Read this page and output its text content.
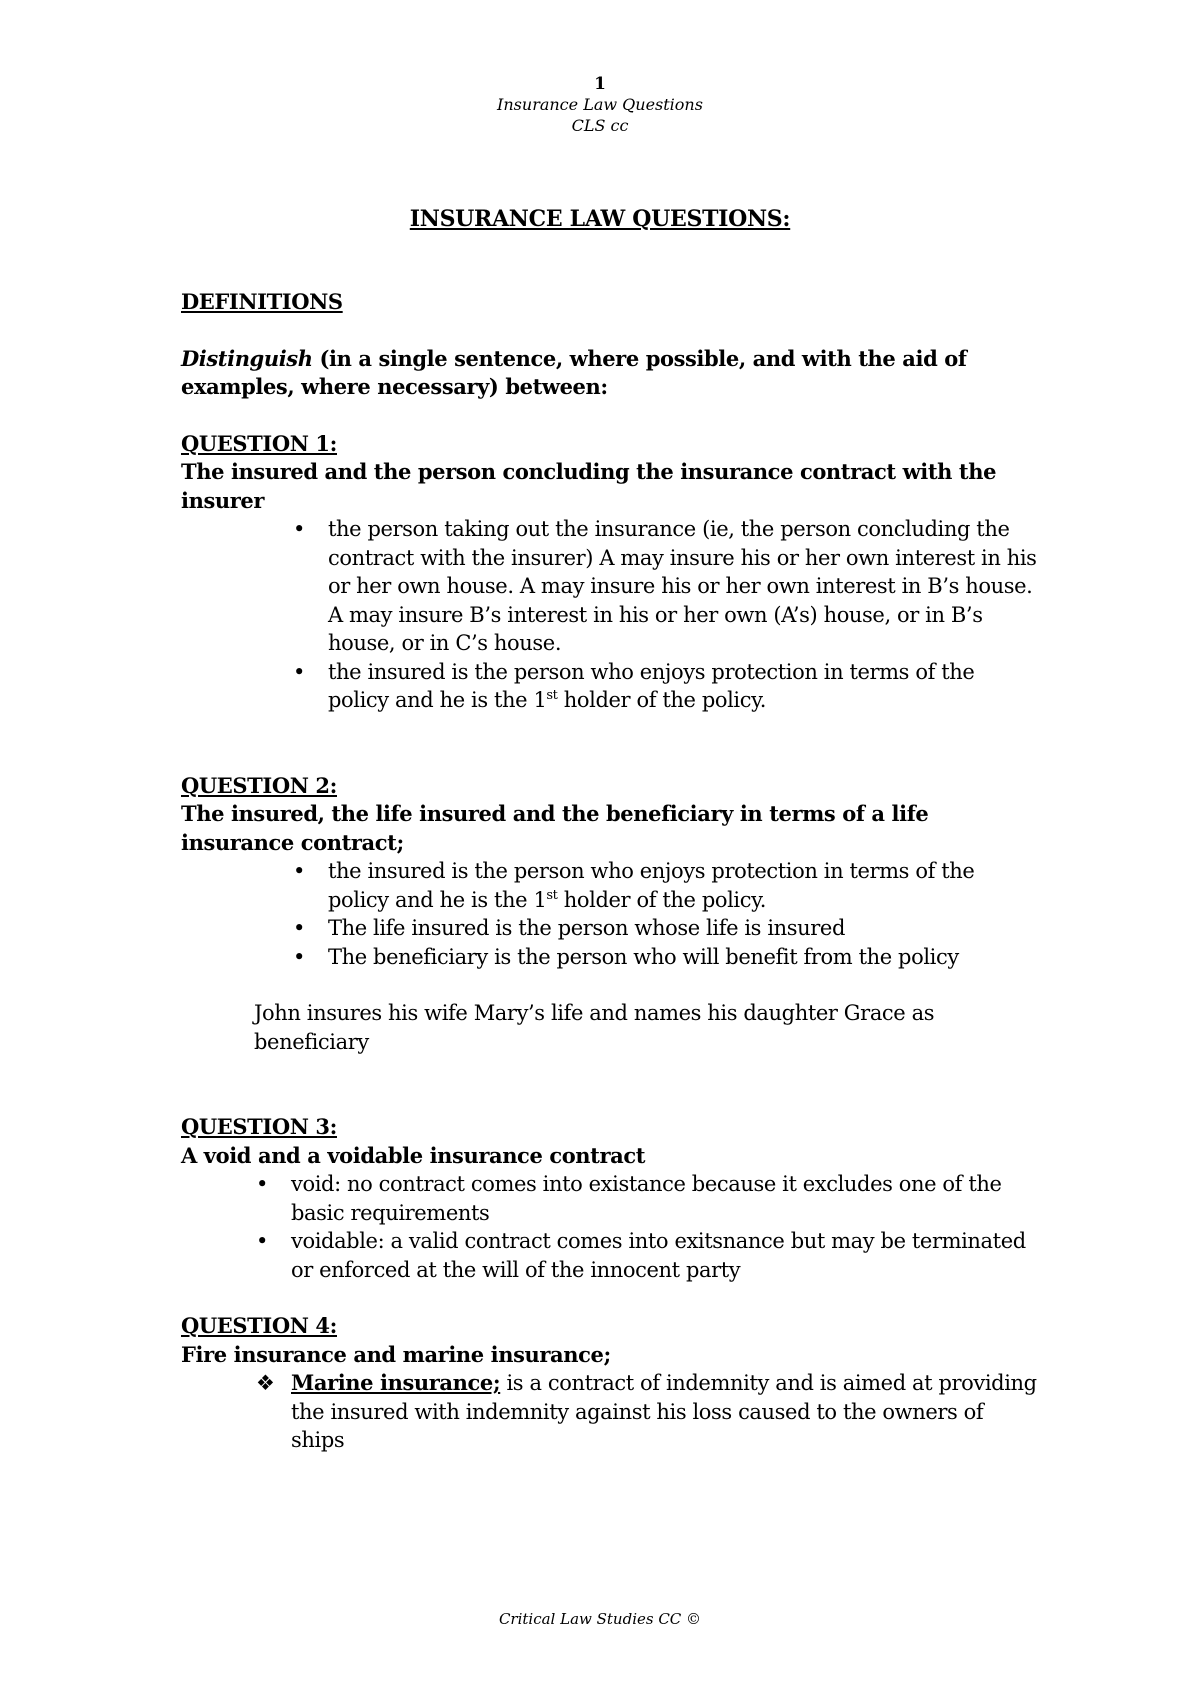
1
Insurance Law Questions
CLS cc
INSURANCE LAW QUESTIONS:

DEFINITIONS

Distinguish (in a single sentence, where possible, and with the aid of examples, where necessary) between:

QUESTION 1:

The insured and the person concluding the insurance contract with the insurer

• the person taking out the insurance (ie, the person concluding the contract with the insurer) A may insure his or her own interest in his or her own house. A may insure his or her own interest in B’s house. A may insure B’s interest in his or her own (A’s) house, or in B’s house, or in C’s house.
• the insured is the person who enjoys protection in terms of the policy and he is the 1st holder of the policy.

QUESTION 2:

The insured, the life insured and the beneficiary in terms of a life insurance contract;

• the insured is the person who enjoys protection in terms of the policy and he is the 1st holder of the policy.
• The life insured is the person whose life is insured
• The beneficiary is the person who will benefit from the policy

John insures his wife Mary’s life and names his daughter Grace as beneficiary

QUESTION 3:

A void and a voidable insurance contract

• void: no contract comes into existance because it excludes one of the basic requirements
• voidable: a valid contract comes into exitsnance but may be terminated or enforced at the will of the innocent party

QUESTION 4:

Fire insurance and marine insurance;

❖ Marine insurance; is a contract of indemnity and is aimed at providing the insured with indemnity against his loss caused to the owners of ships
Critical Law Studies CC ©
